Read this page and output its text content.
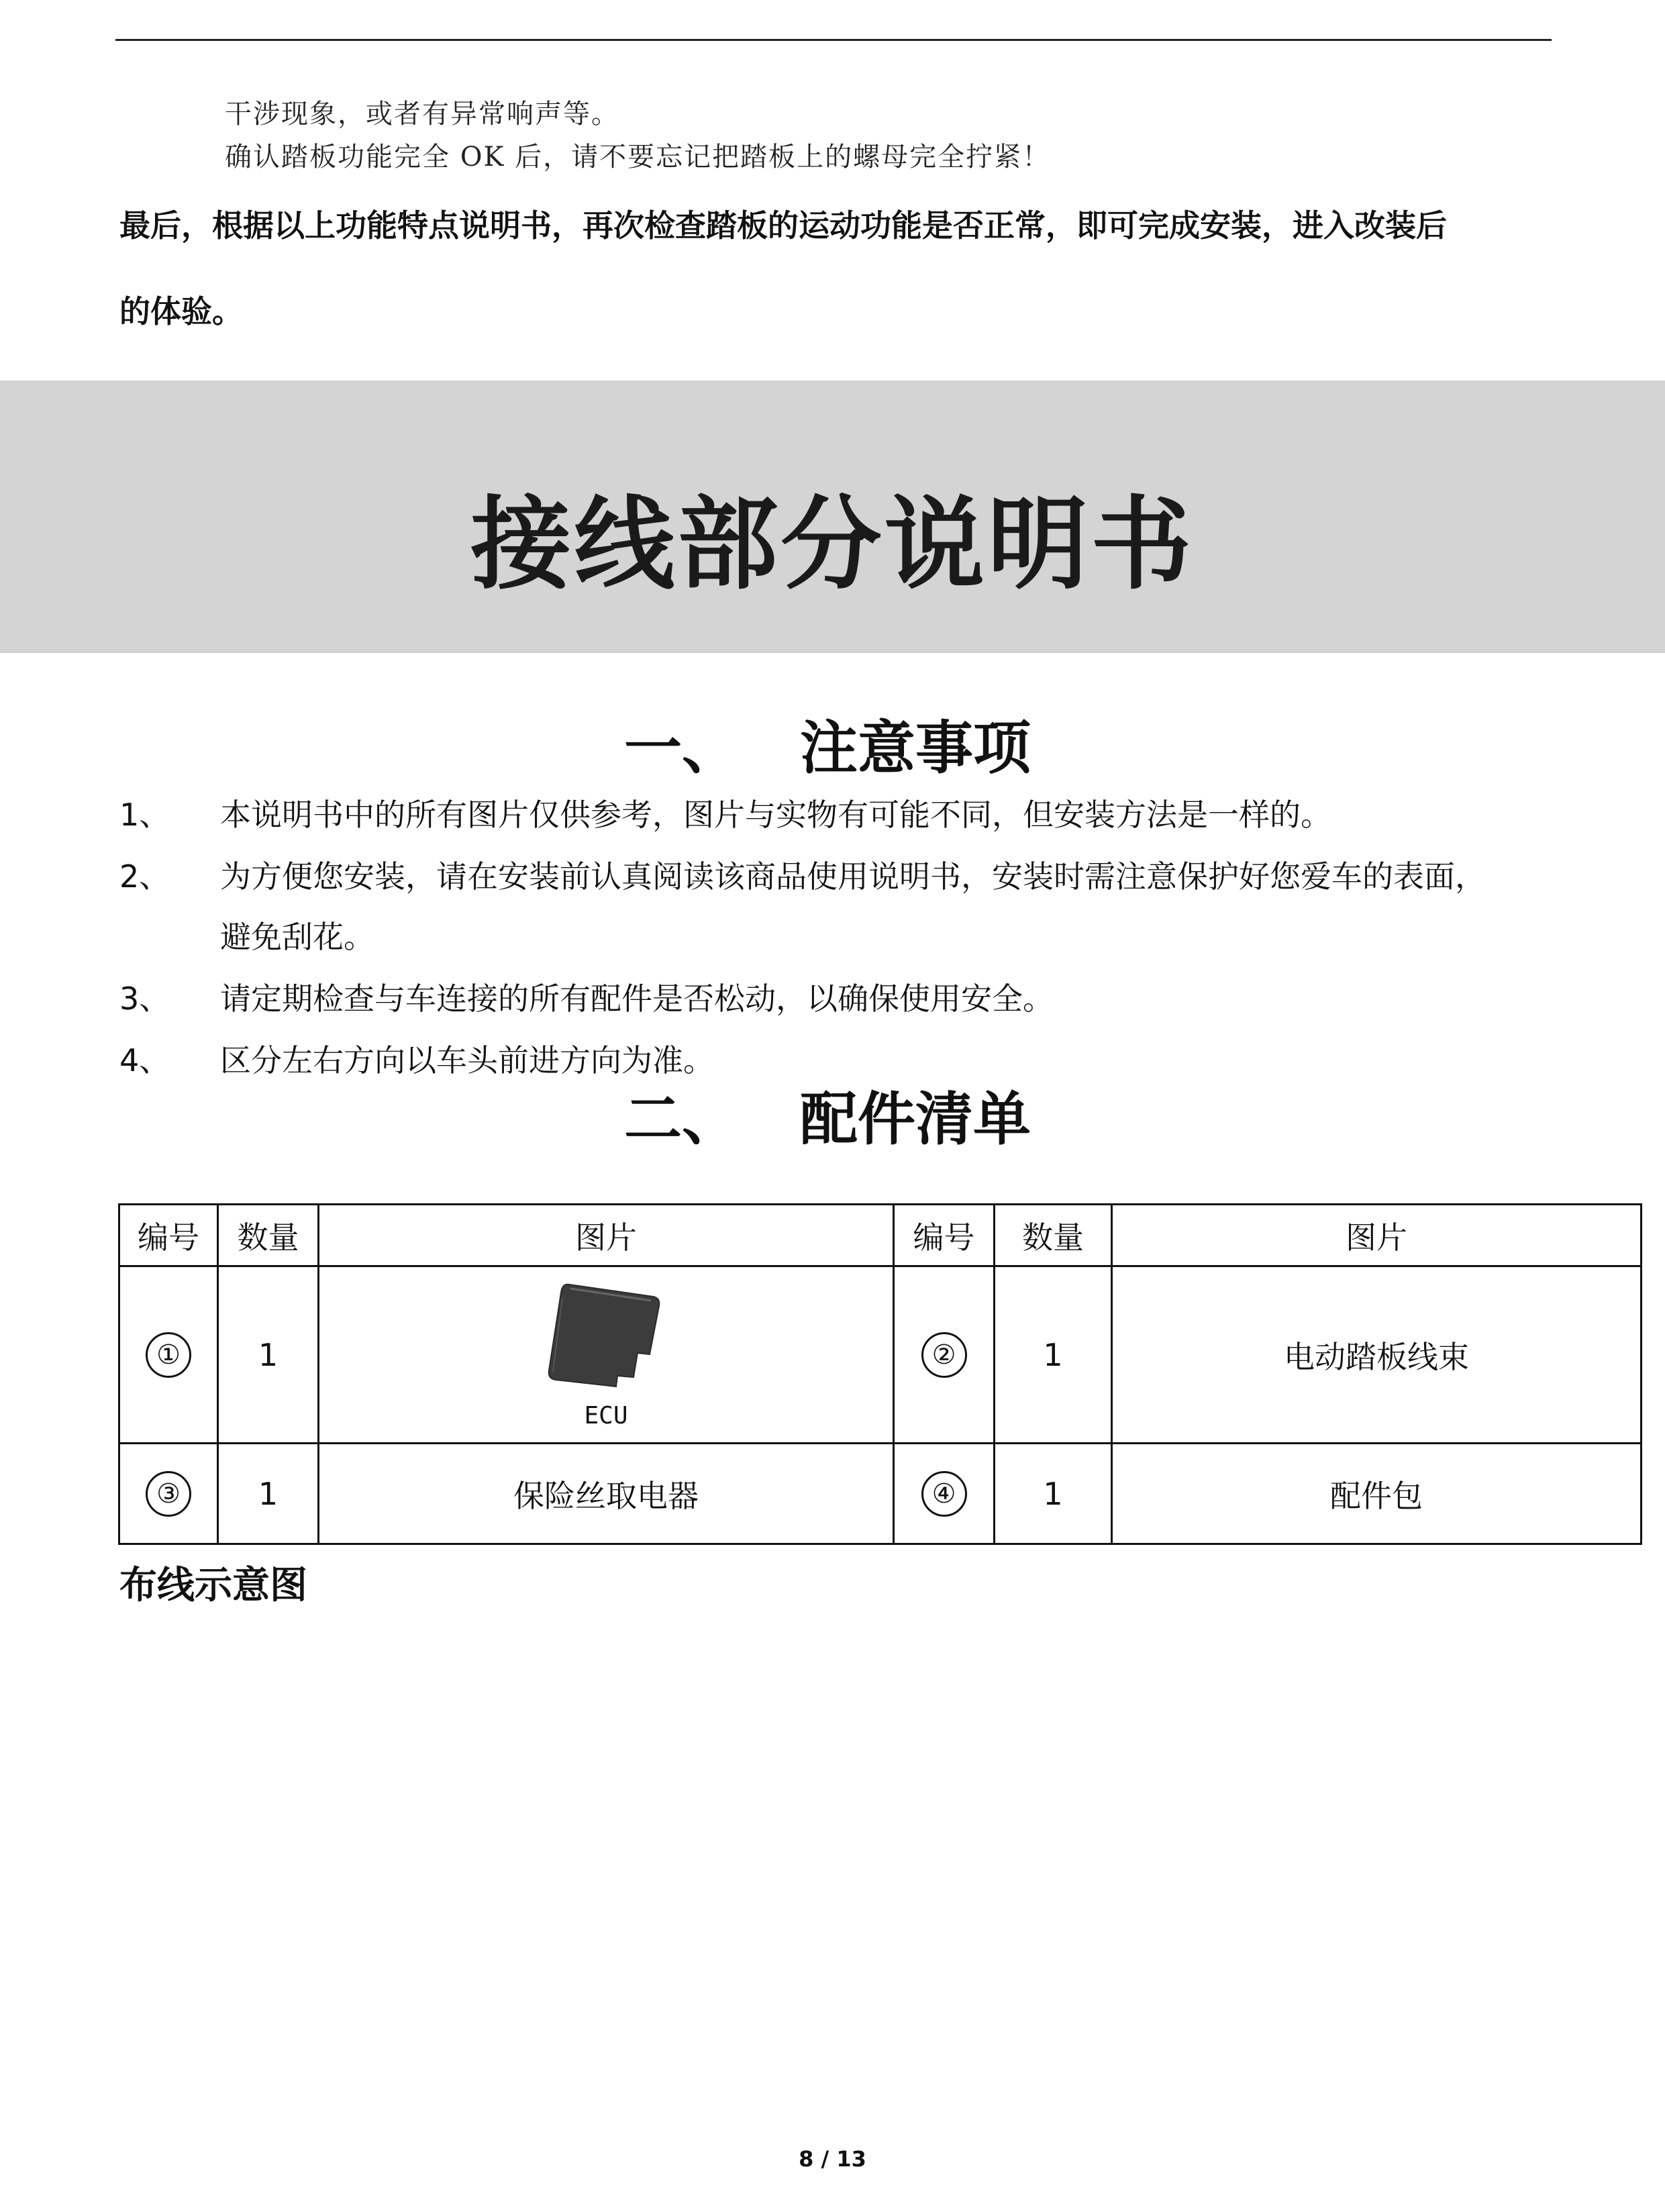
干涉现象，或者有异常响声等。
确认踏板功能完全 OK 后，请不要忘记把踏板上的螺母完全拧紧！
最后，根据以上功能特点说明书，再次检查踏板的运动功能是否正常，即可完成安装，进入改装后
的体验。
接线部分说明书
一、 注意事项
1、 本说明书中的所有图片仅供参考，图片与实物有可能不同，但安装方法是一样的。
2、 为方便您安装，请在安装前认真阅读该商品使用说明书，安装时需注意保护好您爱车的表面，
避免刮花。
3、 请定期检查与车连接的所有配件是否松动，以确保使用安全。
4、 区分左右方向以车头前进方向为准。
二、 配件清单
编号	数量	图片	编号	数量	图片
①	1	ECU	②	1	电动踏板线束
③	1	保险丝取电器	④	1	配件包
布线示意图
8 / 13
